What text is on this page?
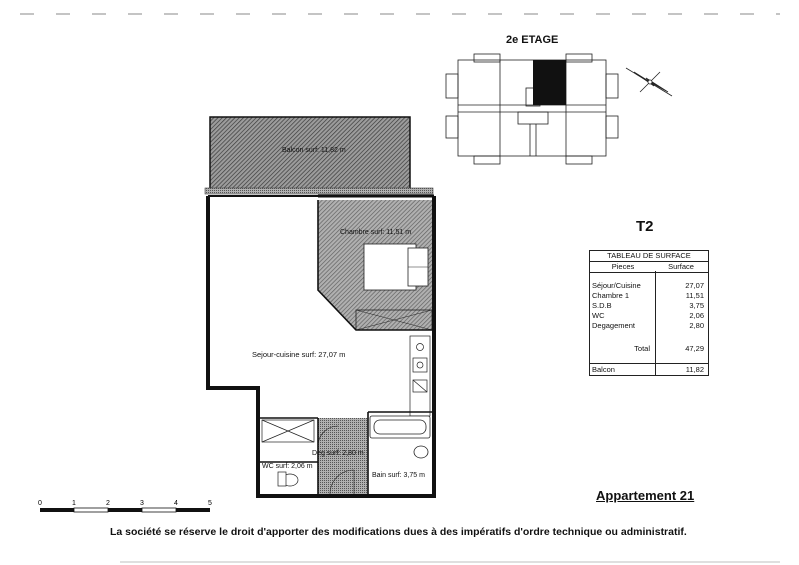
Balcon surf: 11,82 m
Chambre surf: 11,51 m
Sejour-cuisine surf: 27,07 m
Deg surf: 2,80 m
WC surf: 2,06 m
Bain surf: 3,75 m
0	1	2	3	4	5
2e ETAGE
T2
TABLEAU DE SURFACE
Pieces	Surface
Séjour/Cuisine	27,07
Chambre 1	11,51
S.D.B	3,75
WC	2,06
Degagement	2,80
Total	47,29
Balcon	11,82
Appartement 21
La société se réserve le droit d'apporter des modifications dues à des impératifs d'ordre technique ou administratif.
